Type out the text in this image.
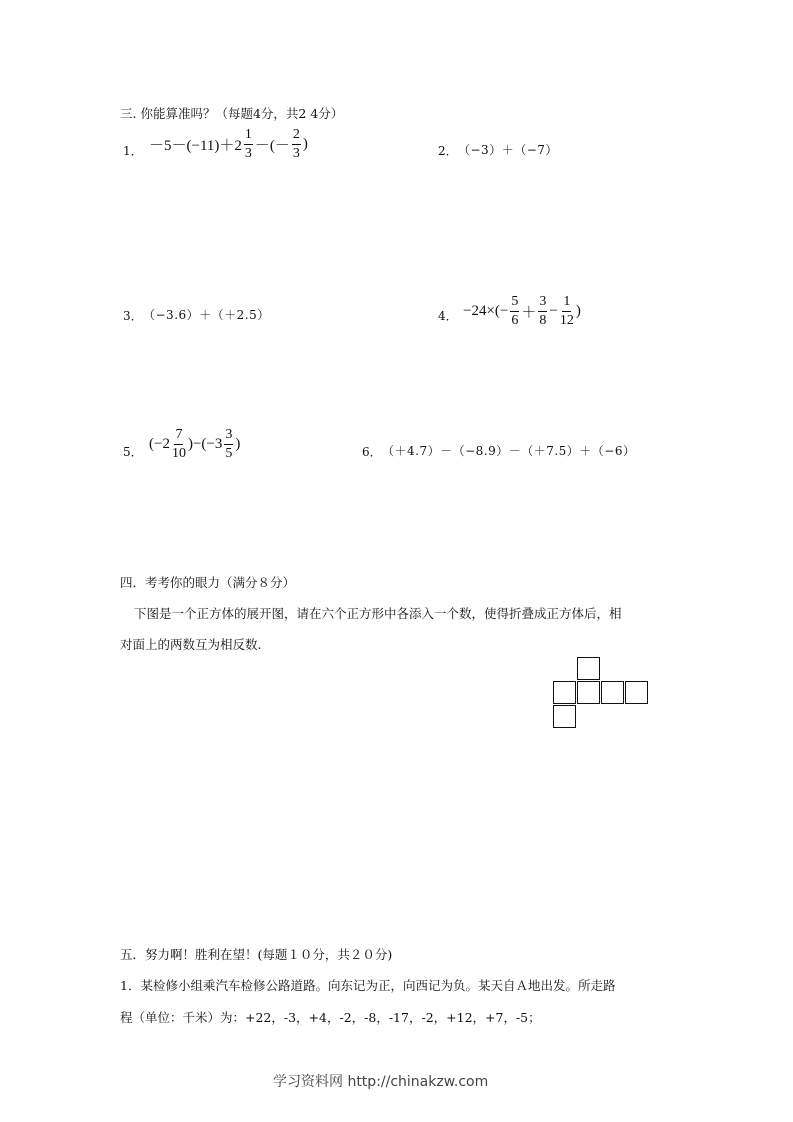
三. 你能算准吗？（每题4分，共2 4分）
1． $-5-(-11)+2 \frac{1}{3}$ －(－ $\frac{2}{3}$ )	2． （−3）＋（−7）
3． （−3.6）＋（＋2.5）	4． $-24\times(- \frac{5}{6} + \frac{3}{8} - \frac{1}{12}$ )
5． $(-2 \frac{7}{10} )-(-3 \frac{3}{5}$ )	6． （＋4.7）－（−8.9）－（＋7.5）＋（−6）
四．考考你的眼力（满分８分）
下图是一个正方体的展开图，请在六个正方形中各添入一个数，使得折叠成正方体后，相
对面上的两数互为相反数.
五．努力啊！胜利在望！(每题１０分，共２０分)
1．某检修小组乘汽车检修公路道路。向东记为正，向西记为负。某天自Ａ地出发。所走路
程（单位：千米）为：+22，-3，+4，-2，-8，-17，-2，+12，+7，-5；
学习资料网 http://chinakzw.com
